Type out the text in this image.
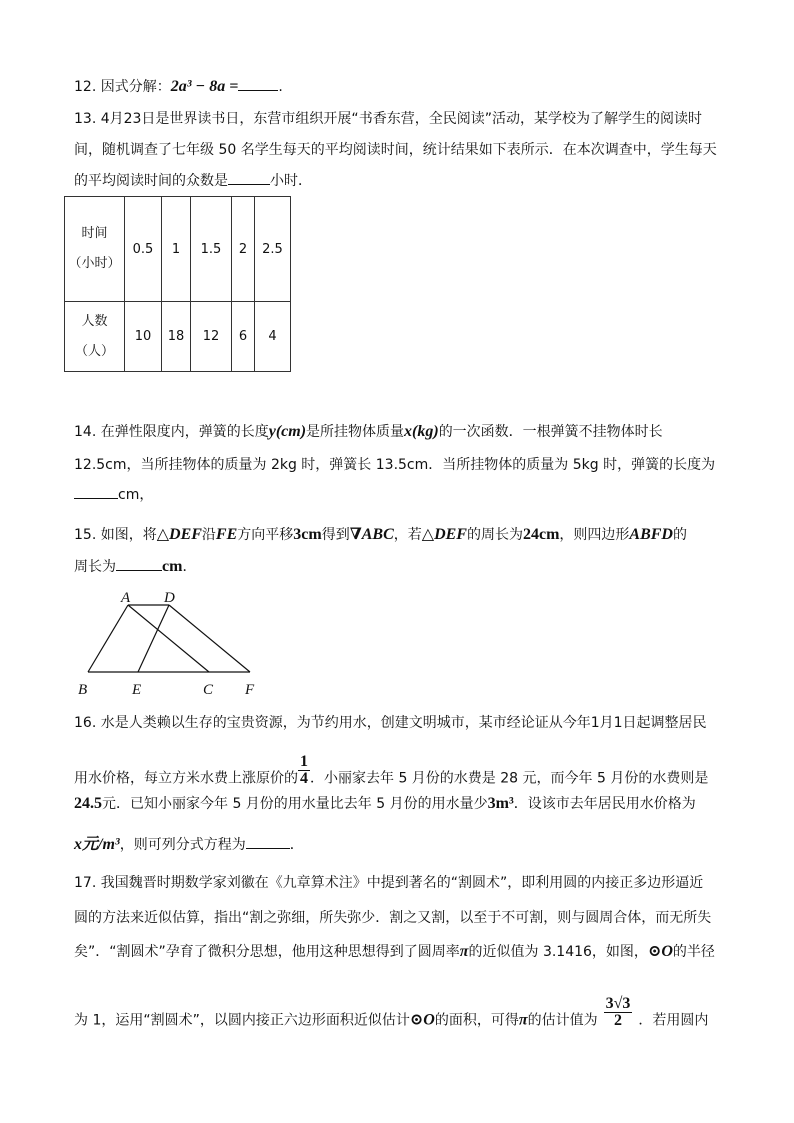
12. 因式分解：2a³ − 8a =	.
13. 4月23日是世界读书日，东营市组织开展“书香东营，全民阅读”活动，某学校为了解学生的阅读时
间，随机调查了七年级 50 名学生每天的平均阅读时间，统计结果如下表所示．在本次调查中，学生每天
的平均阅读时间的众数是	小时．
时间
（小时）	0.5	1	1.5	2	2.5

人数
（人）	10	18	12	6	4
14. 在弹性限度内，弹簧的长度y(cm)是所挂物体质量x(kg)的一次函数．一根弹簧不挂物体时长
12.5cm，当所挂物体的质量为 2kg 时，弹簧长 13.5cm．当所挂物体的质量为 5kg 时，弹簧的长度为
cm，
15. 如图，将△DEF沿FE方向平移3cm得到∇ABC，若△DEF的周长为24cm，则四边形ABFD的
周长为	cm．
A D
B	E	C F
16. 水是人类赖以生存的宝贵资源，为节约用水，创建文明城市，某市经论证从今年1月1日起调整居民
用水价格，每立方米水费上涨原价的 $\frac{1}{4}$ ．小丽家去年 5 月份的水费是 28 元，而今年 5 月份的水费则是
24.5元．已知小丽家今年 5 月份的用水量比去年 5 月份的用水量少3m³．设该市去年居民用水价格为
x元/m³，则可列分式方程为	．
17. 我国魏晋时期数学家刘徽在《九章算术注》中提到著名的“割圆术”，即利用圆的内接正多边形逼近
圆的方法来近似估算，指出“割之弥细，所失弥少．割之又割，以至于不可割，则与圆周合体，而无所失
矣”．“割圆术”孕育了微积分思想，他用这种思想得到了圆周率π的近似值为 3.1416，如图，⊙O的半径
为 1，运用“割圆术”，以圆内接正六边形面积近似估计⊙O的面积，可得π的估计值为 $\frac{3√3}{2}$ ．若用圆内
